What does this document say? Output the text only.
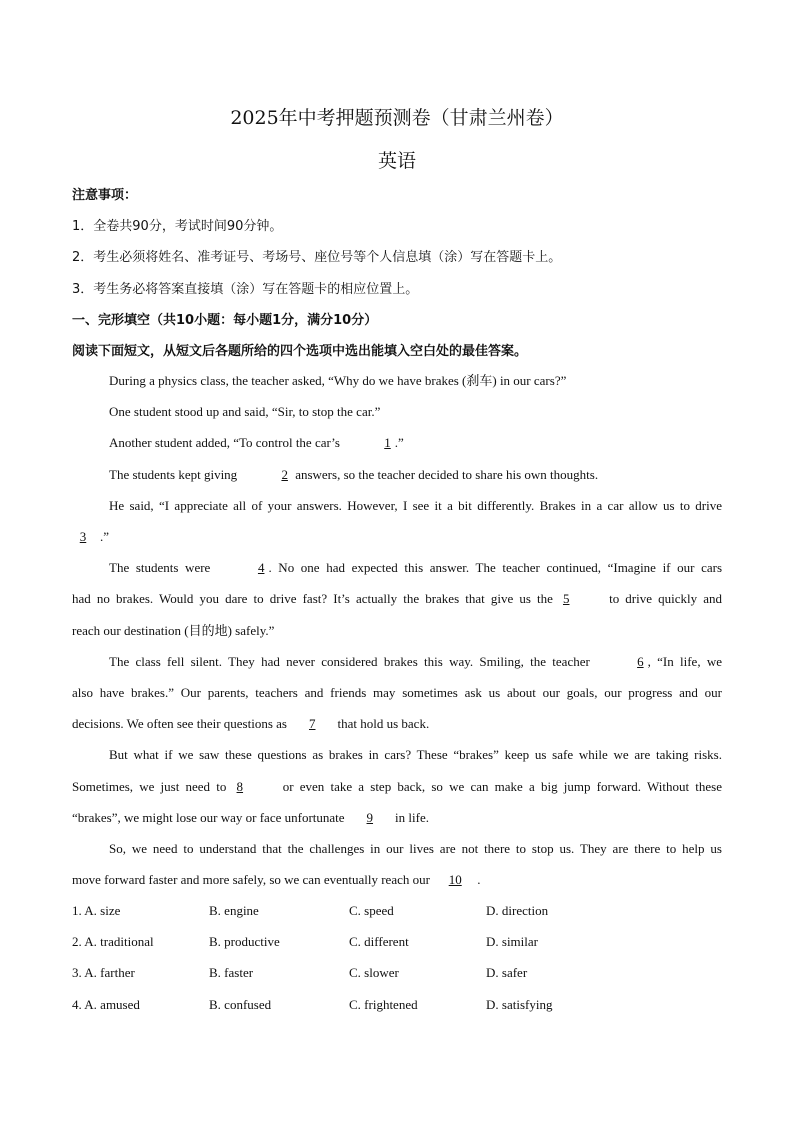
2025年中考押题预测卷（甘肃兰州卷）
英语
注意事项：
1．全卷共90分，考试时间90分钟。
2．考生必须将姓名、准考证号、考场号、座位号等个人信息填（涂）写在答题卡上。
3．考生务必将答案直接填（涂）写在答题卡的相应位置上。
一、完形填空（共10小题：每小题1分，满分10分）
阅读下面短文，从短文后各题所给的四个选项中选出能填入空白处的最佳答案。
During a physics class, the teacher asked, “Why do we have brakes (刹车) in our cars?”
One student stood up and said, “Sir, to stop the car.”
Another student added, “To control the car’s	1 .”
The students kept giving	2 answers, so the teacher decided to share his own thoughts.
He said, “I appreciate all of your answers. However, I see it a bit differently. Brakes in a car allow us to drive
3 .”
The students were	4 . No one had expected this answer. The teacher continued, “Imagine if our cars
had no brakes. Would you dare to drive fast? It’s actually the brakes that give us the 5	to drive quickly and
reach our destination (目的地) safely.”
The class fell silent. They had never considered brakes this way. Smiling, the teacher	6 , “In life, we
also have brakes.” Our parents, teachers and friends may sometimes ask us about our goals, our progress and our
decisions. We often see their questions as 7 that hold us back.
But what if we saw these questions as brakes in cars? These “brakes” keep us safe while we are taking risks.
Sometimes, we just need to 8	or even take a step back, so we can make a big jump forward. Without these
“brakes”, we might lose our way or face unfortunate 9 in life.
So, we need to understand that the challenges in our lives are not there to stop us. They are there to help us
move forward faster and more safely, so we can eventually reach our 10 .
1. A. size	B. engine	C. speed	D. direction
2. A. traditional	B. productive	C. different	D. similar
3. A. farther	B. faster	C. slower	D. safer
4. A. amused	B. confused	C. frightened	D. satisfying
